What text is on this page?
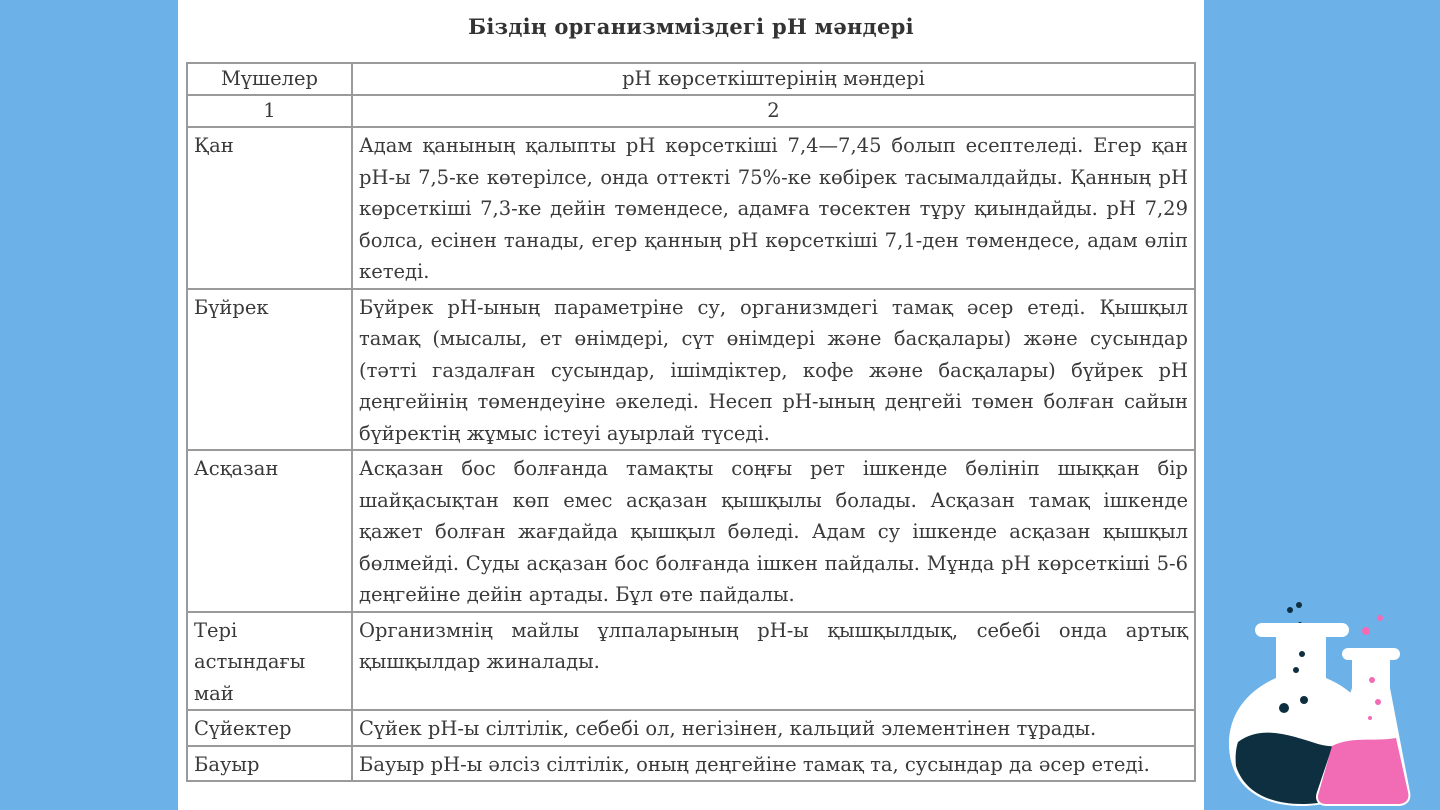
Біздің организмміздегі pH мәндері
Мүшелер	pH көрсеткіштерінің мәндері
1	2
Қан	Адам қанының қалыпты pH көрсеткіші 7,4—7,45 болып есептеледі. Егер қан pH-ы 7,5-ке көтерілсе, онда оттекті 75%-ке көбірек тасымалдайды. Қанның pH көрсеткіші 7,3-ке дейін төмендесе, адамға төсектен тұру қиындайды. pH 7,29 болса, есінен танады, егер қанның pH көрсеткіші 7,1-ден төмендесе, адам өліп кетеді.
Бүйрек	Бүйрек pH-ының параметріне су, организмдегі тамақ әсер етеді. Қышқыл тамақ (мысалы, ет өнімдері, сүт өнімдері және басқалары) және сусындар (тәтті газдалған сусындар, ішімдіктер, кофе және басқалары) бүйрек pH деңгейінің төмендеуіне әкеледі. Несеп pH-ының деңгейі төмен болған сайын бүйректің жұмыс істеуі ауырлай түседі.
Асқазан	Асқазан бос болғанда тамақты соңғы рет ішкенде бөлініп шыққан бір шайқасықтан көп емес асқазан қышқылы болады. Асқазан тамақ ішкенде қажет болған жағдайда қышқыл бөледі. Адам су ішкенде асқазан қышқыл бөлмейді. Суды асқазан бос болғанда ішкен пайдалы. Мұнда pH көрсеткіші 5-6 деңгейіне дейін артады. Бұл өте пайдалы.
Тері астындағы май	Организмнің майлы ұлпаларының pH-ы қышқылдық, себебі онда артық қышқылдар жиналады.
Сүйектер	Сүйек pH-ы сілтілік, себебі ол, негізінен, кальций элементінен тұрады.
Бауыр	Бауыр pH-ы әлсіз сілтілік, оның деңгейіне тамақ та, сусындар да әсер етеді.
